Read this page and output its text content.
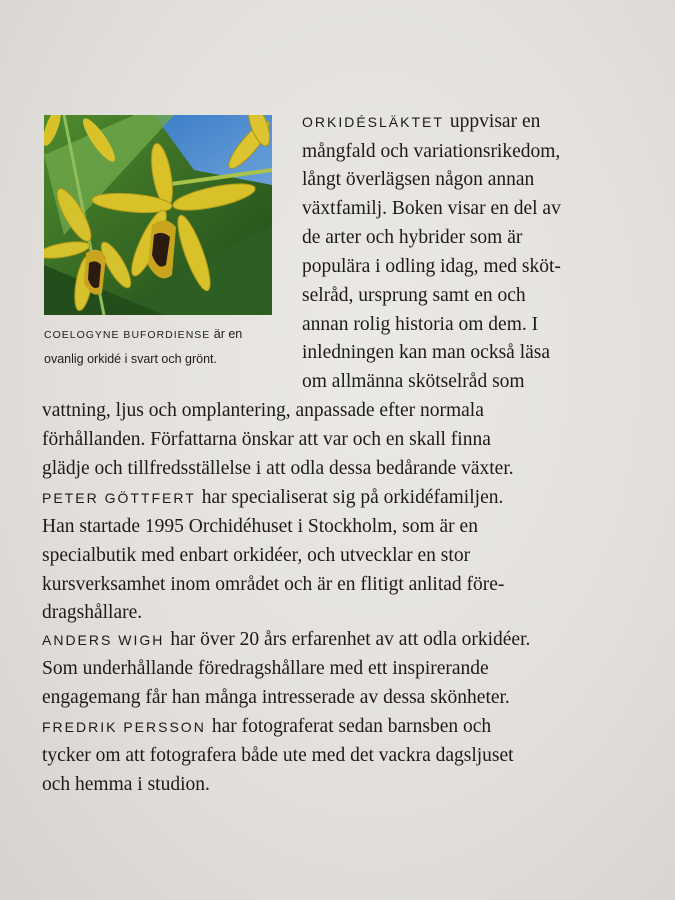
COELOGYNE BUFORDIENSE är en ovanlig orkidé i svart och grönt.
ORKIDÉSLÄKTET uppvisar en
mångfald och variationsrikedom,
långt överlägsen någon annan
växtfamilj. Boken visar en del av
de arter och hybrider som är
populära i odling idag, med sköt-
selråd, ursprung samt en och
annan rolig historia om dem. I
inledningen kan man också läsa
om allmänna skötselråd som
vattning, ljus och omplantering, anpassade efter normala
förhållanden. Författarna önskar att var och en skall finna
glädje och tillfredsställelse i att odla dessa bedårande växter.
PETER GÖTTFERT har specialiserat sig på orkidéfamiljen.
Han startade 1995 Orchidéhuset i Stockholm, som är en
specialbutik med enbart orkidéer, och utvecklar en stor
kursverksamhet inom området och är en flitigt anlitad före-
dragshållare.
ANDERS WIGH har över 20 års erfarenhet av att odla orkidéer.
Som underhållande föredragshållare med ett inspirerande
engagemang får han många intresserade av dessa skönheter.
FREDRIK PERSSON har fotograferat sedan barnsben och
tycker om att fotografera både ute med det vackra dagsljuset
och hemma i studion.
